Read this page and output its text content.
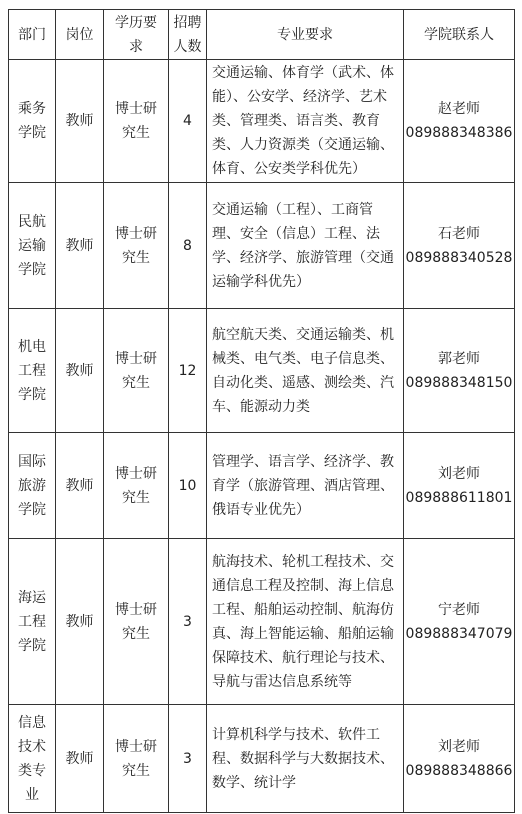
部门	岗位	学历要求	招聘人数	专业要求	学院联系人
乘务学院	教师	博士研究生	4	交通运输、体育学（武术、体能）、公安学、经济学、艺术类、管理类、语言类、教育类、人力资源类（交通运输、体育、公安类学科优先）	赵老师
089888348386

民航运输学院	教师	博士研究生	8	交通运输（工程）、工商管理、安全（信息）工程、法学、经济学、旅游管理（交通运输学科优先）	石老师
089888340528

机电工程学院	教师	博士研究生	12	航空航天类、交通运输类、机械类、电气类、电子信息类、自动化类、遥感、测绘类、汽车、能源动力类	郭老师
089888348150

国际旅游学院	教师	博士研究生	10	管理学、语言学、经济学、教育学（旅游管理、酒店管理、俄语专业优先）	刘老师
089888611801

海运工程学院	教师	博士研究生	3	航海技术、轮机工程技术、交通信息工程及控制、海上信息工程、船舶运动控制、航海仿真、海上智能运输、船舶运输保障技术、航行理论与技术、导航与雷达信息系统等	宁老师
089888347079

信息技术类专业	教师	博士研究生	3	计算机科学与技术、软件工程、数据科学与大数据技术、数学、统计学	刘老师
089888348866
